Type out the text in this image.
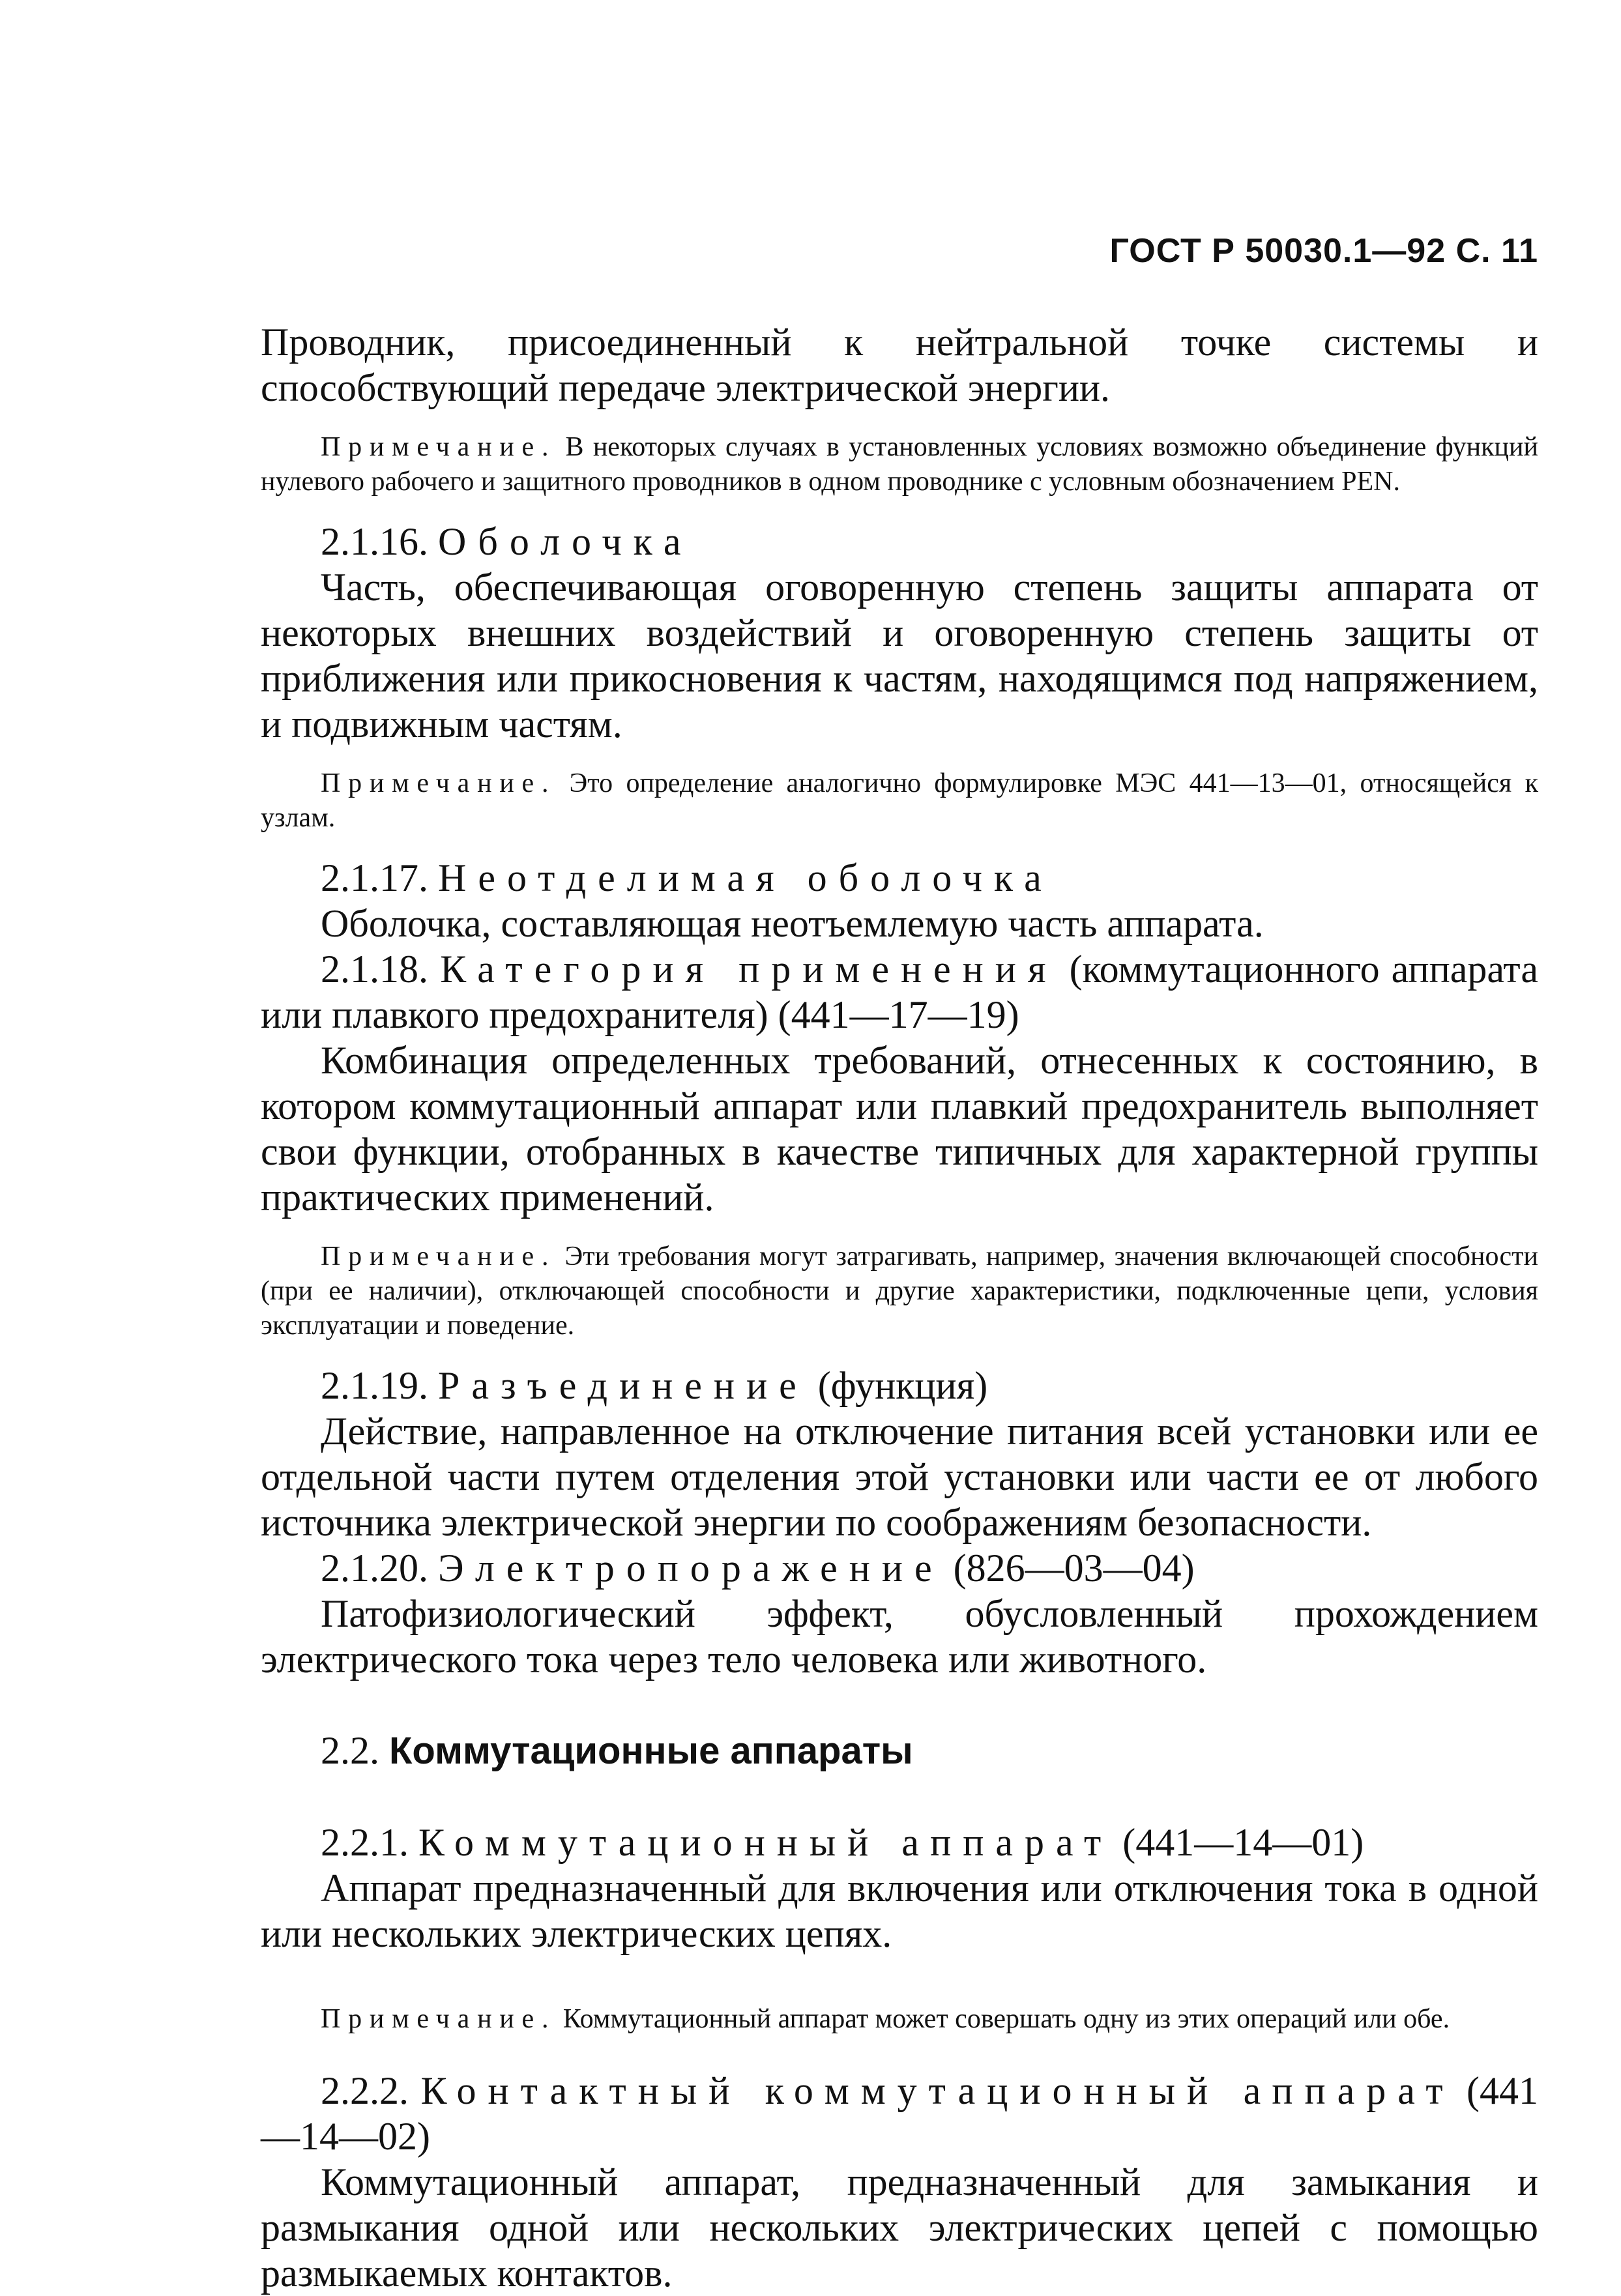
ГОСТ Р 50030.1—92 С. 11

Проводник, присоединенный к нейтральной точке системы и способствующий передаче электрической энергии.

Примечание. В некоторых случаях в установленных условиях возможно объединение функций нулевого рабочего и защитного проводников в одном проводнике с условным обозначением PEN.

2.1.16. Оболочка

Часть, обеспечивающая оговоренную степень защиты аппарата от некоторых внешних воздействий и оговоренную степень защиты от приближения или прикосновения к частям, находящимся под напряжением, и подвижным частям.

Примечание. Это определение аналогично формулировке МЭС 441—13—01, относящейся к узлам.

2.1.17. Неотделимая оболочка

Оболочка, составляющая неотъемлемую часть аппарата.

2.1.18. Категория применения (коммутационного аппарата или плавкого предохранителя) (441—17—19)

Комбинация определенных требований, отнесенных к состоянию, в котором коммутационный аппарат или плавкий предохранитель выполняет свои функции, отобранных в качестве типичных для характерной группы практических применений.

Примечание. Эти требования могут затрагивать, например, значения включающей способности (при ее наличии), отключающей способности и другие характеристики, подключенные цепи, условия эксплуатации и поведение.

2.1.19. Разъединение (функция)

Действие, направленное на отключение питания всей установки или ее отдельной части путем отделения этой установки или части ее от любого источника электрической энергии по соображениям безопасности.

2.1.20. Электропоражение (826—03—04)

Патофизиологический эффект, обусловленный прохождением электрического тока через тело человека или животного.

2.2. Коммутационные аппараты

2.2.1. Коммутационный аппарат (441—14—01)

Аппарат предназначенный для включения или отключения тока в одной или нескольких электрических цепях.

Примечание. Коммутационный аппарат может совершать одну из этих операций или обе.

2.2.2. Контактный коммутационный аппарат (441—14—02)

Коммутационный аппарат, предназначенный для замыкания и размыкания одной или нескольких электрических цепей с помощью размыкаемых контактов.
